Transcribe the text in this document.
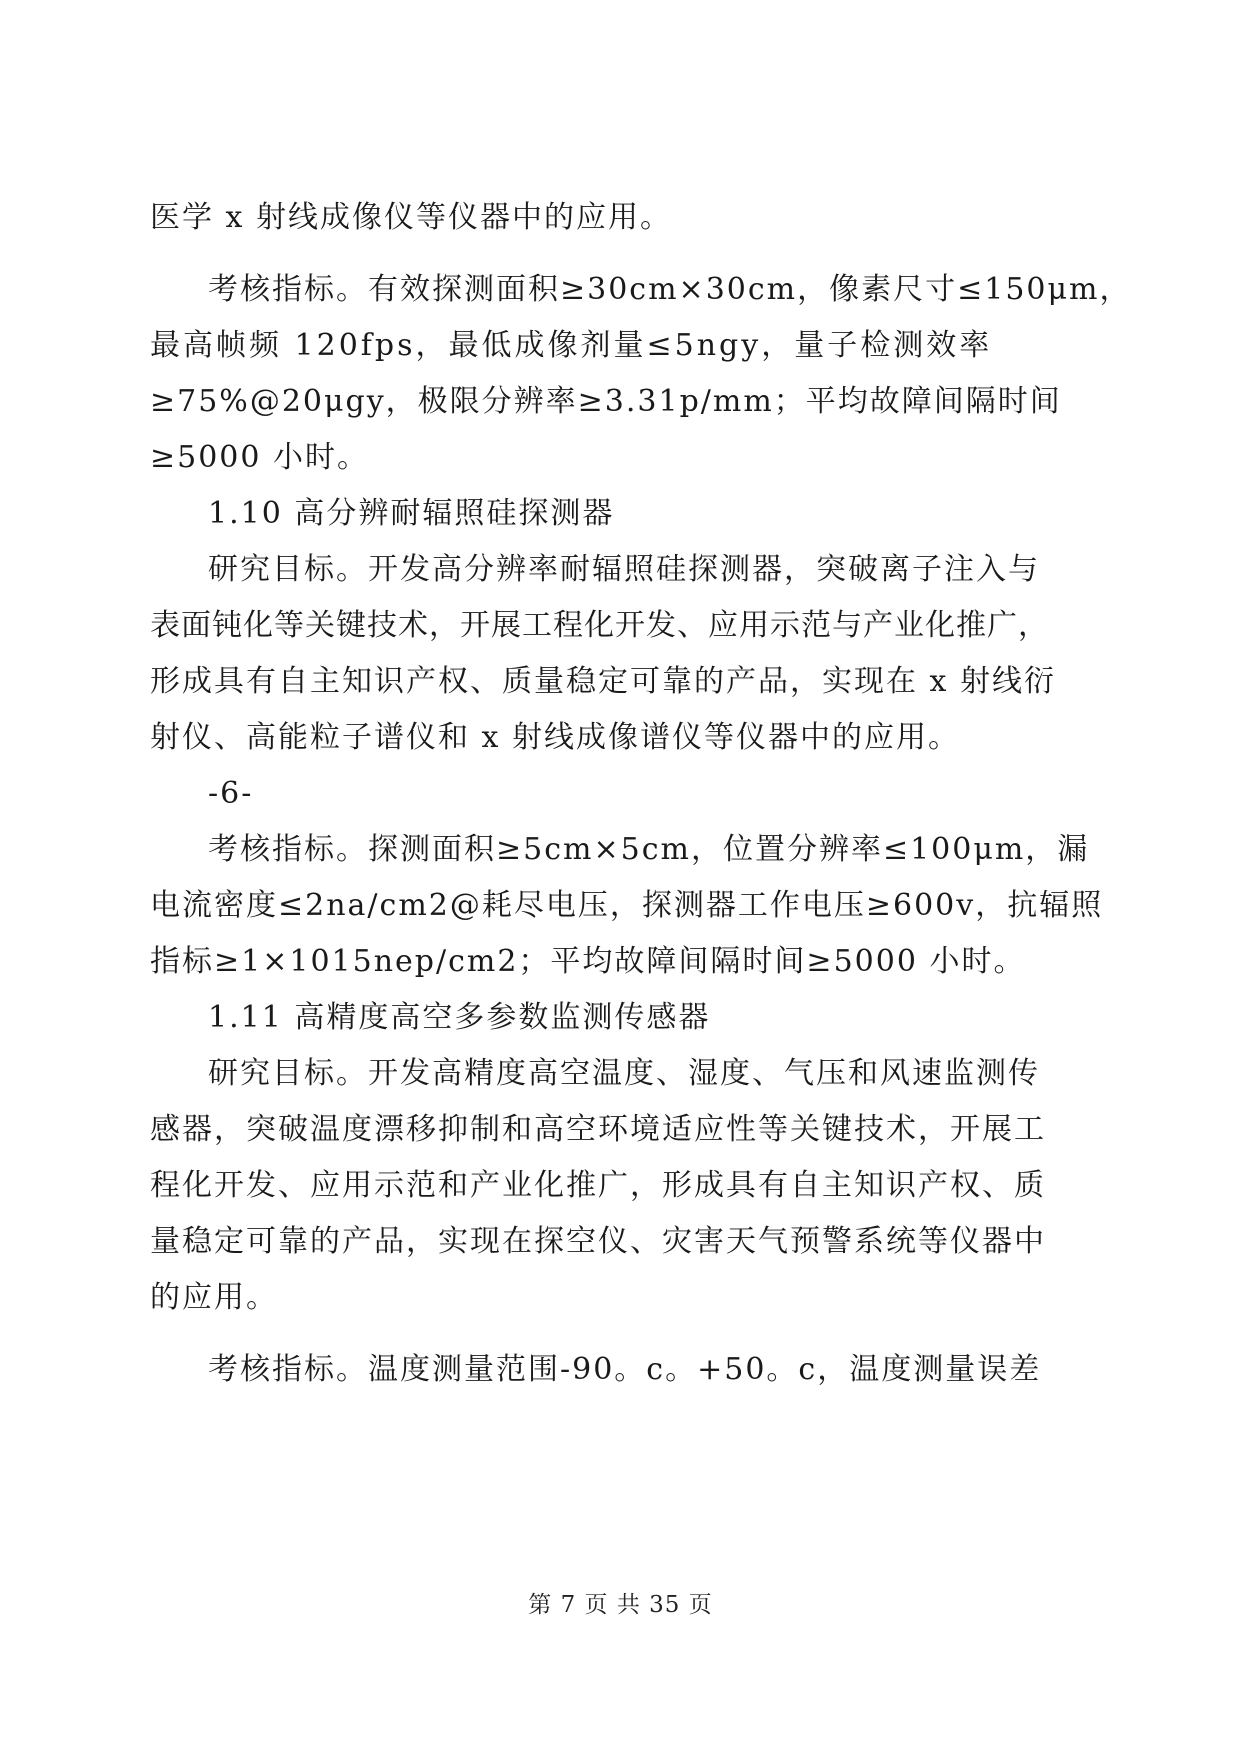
医学 x 射线成像仪等仪器中的应用。
考核指标。有效探测面积≥30cm×30cm，像素尺寸≤150μm，
最高帧频 120fps，最低成像剂量≤5ngy，量子检测效率
≥75%@20μgy，极限分辨率≥3.31p/mm；平均故障间隔时间
≥5000 小时。
1.10 高分辨耐辐照硅探测器
研究目标。开发高分辨率耐辐照硅探测器，突破离子注入与
表面钝化等关键技术，开展工程化开发、应用示范与产业化推广，
形成具有自主知识产权、质量稳定可靠的产品，实现在 x 射线衍
射仪、高能粒子谱仪和 x 射线成像谱仪等仪器中的应用。
-6-
考核指标。探测面积≥5cm×5cm，位置分辨率≤100μm，漏
电流密度≤2na/cm2@耗尽电压，探测器工作电压≥600v，抗辐照
指标≥1×1015nep/cm2；平均故障间隔时间≥5000 小时。
1.11 高精度高空多参数监测传感器
研究目标。开发高精度高空温度、湿度、气压和风速监测传
感器，突破温度漂移抑制和高空环境适应性等关键技术，开展工
程化开发、应用示范和产业化推广，形成具有自主知识产权、质
量稳定可靠的产品，实现在探空仪、灾害天气预警系统等仪器中
的应用。
考核指标。温度测量范围-90。c。+50。c，温度测量误差
第 7 页 共 35 页
